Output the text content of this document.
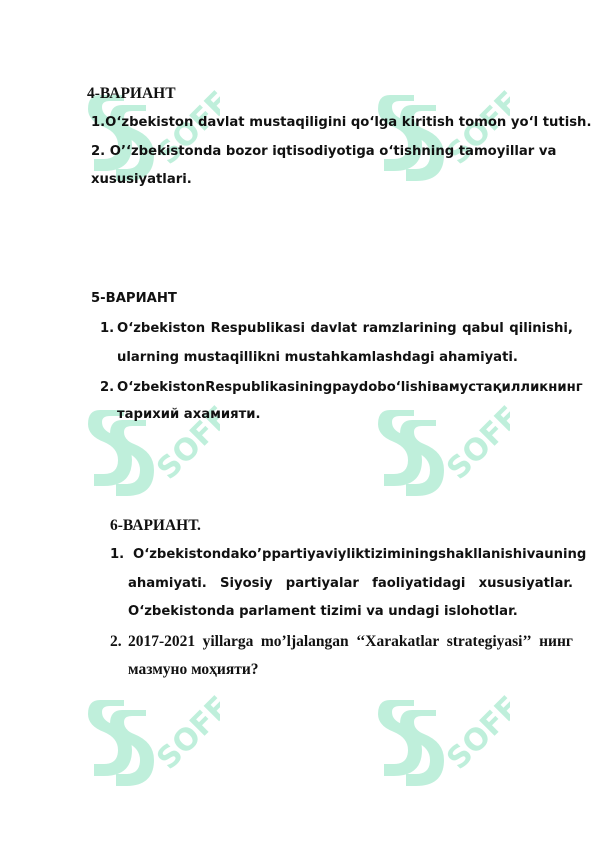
SOFF	SOFF
SOFF	SOFF
SOFF	SOFF
4-ВАРИАНТ
1.O‘zbekiston davlat mustaqiligini qo‘lga kiritish tomon yo‘l tutish.
2. O’‘zbekistonda bozor iqtisodiyotiga o‘tishning tamoyillar va
xususiyatlari.
5-ВАРИАНТ
1. O‘zbekiston Respublikasi davlat ramzlarining qabul qilinishi,
ularning mustaqillikni mustahkamlashdagi ahamiyati.
2. O‘zbekiston Respublikasining paydo bo‘lishi ва мустақилликнинг
тарихий ахамияти.
6-ВАРИАНТ.
1. O‘zbekistonda ko’ppartiyaviylik tizimining shakllanishi va uning
ahamiyati. Siyosiy partiyalar faoliyatidagi xususiyatlar.
O‘zbekistonda parlament tizimi va undagi islohotlar.
2. 2017-2021 yillarga mo’ljalangan ‘‘Xarakatlar strategiyasi’’ нинг
мазмуно моҳияти?
